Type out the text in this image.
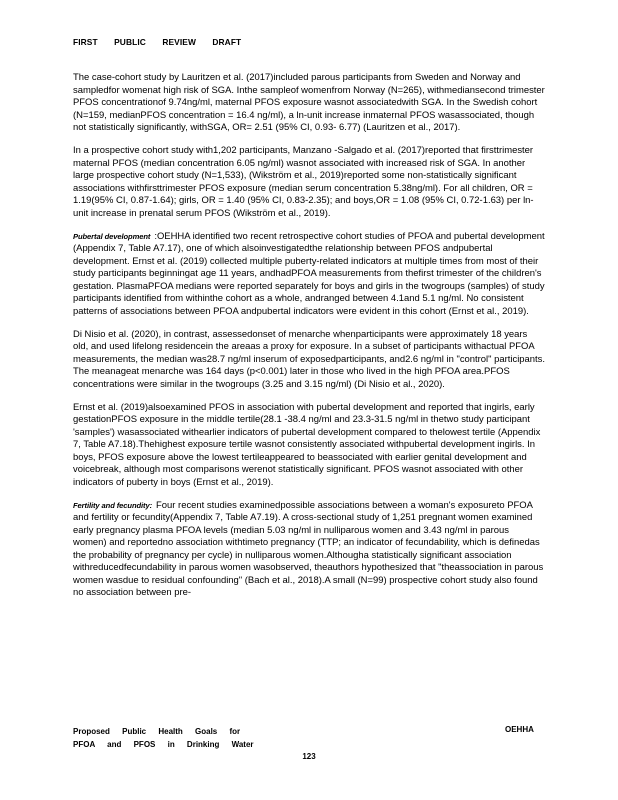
FIRST PUBLIC REVIEW DRAFT

The case-cohort study by Lauritzen et al. (2017)included parous participants from Sweden and Norway and sampledfor womenat high risk of SGA. Inthe sampleof womenfrom Norway (N=265), withmediansecond trimester PFOS concentrationof 9.74ng/ml, maternal PFOS exposure wasnot associatedwith SGA. In the Swedish cohort (N=159, medianPFOS concentration = 16.4 ng/ml), a ln-unit increase inmaternal PFOS wasassociated, though not statistically significantly, withSGA, OR= 2.51 (95% CI, 0.93- 6.77) (Lauritzen et al., 2017).

In a prospective cohort study with1,202 participants, Manzano -Salgado et al. (2017)reported that firsttrimester maternal PFOS (median concentration 6.05 ng/ml) wasnot associated with increased risk of SGA. In another large prospective cohort study (N=1,533), (Wikström et al., 2019)reported some non-statistically significant associations withfirsttrimester PFOS exposure (median serum concentration 5.38ng/ml). For all children, OR = 1.19(95% CI, 0.87-1.64); girls, OR = 1.40 (95% CI, 0.83-2.35); and boys,OR = 1.08 (95% CI, 0.72-1.63) per ln-unit increase in prenatal serum PFOS (Wikström et al., 2019).

Pubertal development :OEHHA identified two recent retrospective cohort studies of PFOA and pubertal development (Appendix 7, Table A7.17), one of which alsoinvestigatedthe relationship between PFOS andpubertal development. Ernst et al. (2019) collected multiple puberty-related indicators at multiple times from most of their study participants beginningat age 11 years, andhadPFOA measurements from thefirst trimester of the children's gestation. PlasmaPFOA medians were reported separately for boys and girls in the twogroups (samples) of study participants identified from withinthe cohort as a whole, andranged between 4.1and 5.1 ng/ml. No consistent patterns of associations between PFOA andpubertal indicators were evident in this cohort (Ernst et al., 2019).

Di Nisio et al. (2020), in contrast, assessedonset of menarche whenparticipants were approximately 18 years old, and used lifelong residencein the areaas a proxy for exposure. In a subset of participants withactual PFOA measurements, the median was28.7 ng/ml inserum of exposedparticipants, and2.6 ng/ml in "control" participants. The meanageat menarche was 164 days (p<0.001) later in those who lived in the high PFOA area.PFOS concentrations were similar in the twogroups (3.25 and 3.15 ng/ml) (Di Nisio et al., 2020).

Ernst et al. (2019)alsoexamined PFOS in association with pubertal development and reported that ingirls, early gestationPFOS exposure in the middle tertile(28.1 -38.4 ng/ml and 23.3-31.5 ng/ml in thetwo study participant 'samples') wasassociated withearlier indicators of pubertal development compared to thelowest tertile (Appendix 7, Table A7.18).Thehighest exposure tertile wasnot consistently associated withpubertal development ingirls. In boys, PFOS exposure above the lowest tertileappeared to beassociated with earlier genital development and voicebreak, although most comparisons werenot statistically significant. PFOS wasnot associated with other indicators of puberty in boys (Ernst et al., 2019).

Fertility and fecundity: Four recent studies examinedpossible associations between a woman's exposureto PFOA and fertility or fecundity(Appendix 7, Table A7.19). A cross-sectional study of 1,251 pregnant women examined early pregnancy plasma PFOA levels (median 5.03 ng/ml in nulliparous women and 3.43 ng/ml in parous women) and reportedno association withtimeto pregnancy (TTP; an indicator of fecundability, which is definedas the probability of pregnancy per cycle) in nulliparous women.Althougha statistically significant association withreducedfecundability in parous women wasobserved, theauthors hypothesized that "theassociation in parous women wasdue to residual confounding" (Bach et al., 2018).A small (N=99) prospective cohort study also found no association between pre-

Proposed Public Health Goals for
PFOA and PFOS in Drinking Water
OEHHA
123
